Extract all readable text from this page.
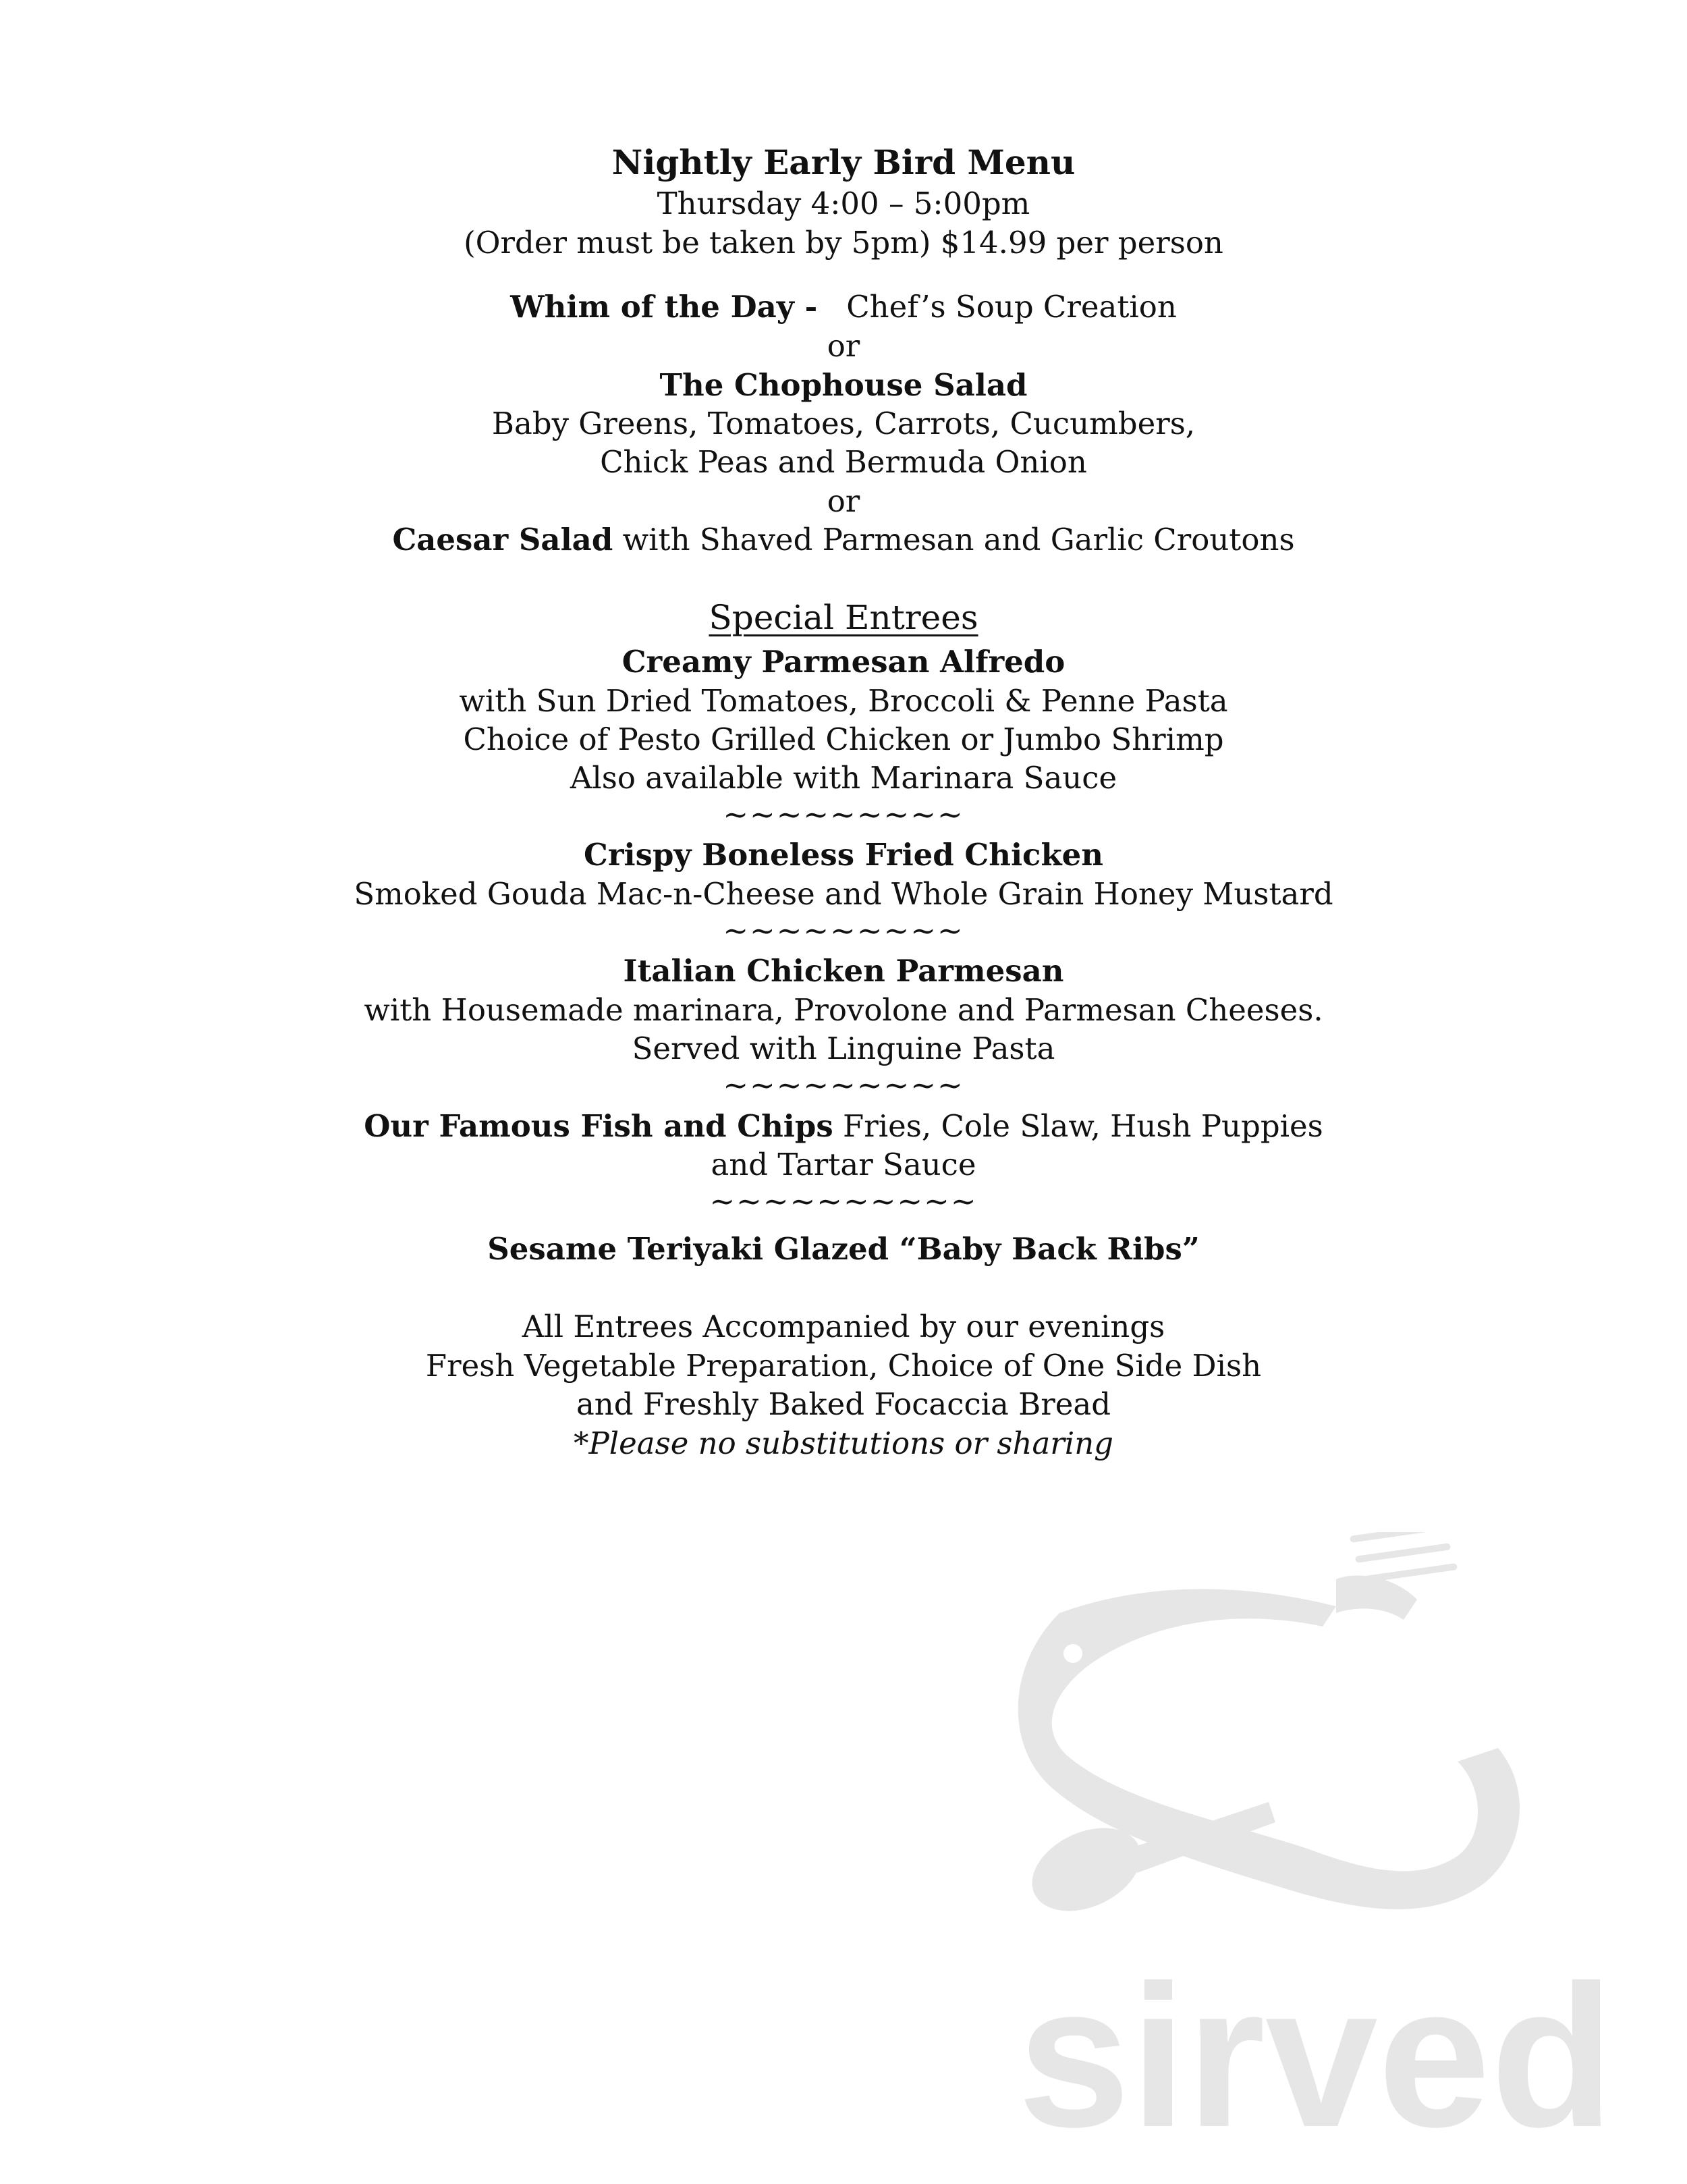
Nightly Early Bird Menu
Thursday 4:00 – 5:00pm
(Order must be taken by 5pm) $14.99 per person
Whim of the Day - Chef’s Soup Creation
or
The Chophouse Salad
Baby Greens, Tomatoes, Carrots, Cucumbers,
Chick Peas and Bermuda Onion
or
Caesar Salad with Shaved Parmesan and Garlic Croutons
Special Entrees
Creamy Parmesan Alfredo
with Sun Dried Tomatoes, Broccoli & Penne Pasta
Choice of Pesto Grilled Chicken or Jumbo Shrimp
Also available with Marinara Sauce
~~~~~~~~~
Crispy Boneless Fried Chicken
Smoked Gouda Mac-n-Cheese and Whole Grain Honey Mustard
~~~~~~~~~
Italian Chicken Parmesan
with Housemade marinara, Provolone and Parmesan Cheeses.
Served with Linguine Pasta
~~~~~~~~~
Our Famous Fish and Chips Fries, Cole Slaw, Hush Puppies
and Tartar Sauce
~~~~~~~~~~
Sesame Teriyaki Glazed “Baby Back Ribs”
All Entrees Accompanied by our evenings
Fresh Vegetable Preparation, Choice of One Side Dish
and Freshly Baked Focaccia Bread
*Please no substitutions or sharing
sirved
